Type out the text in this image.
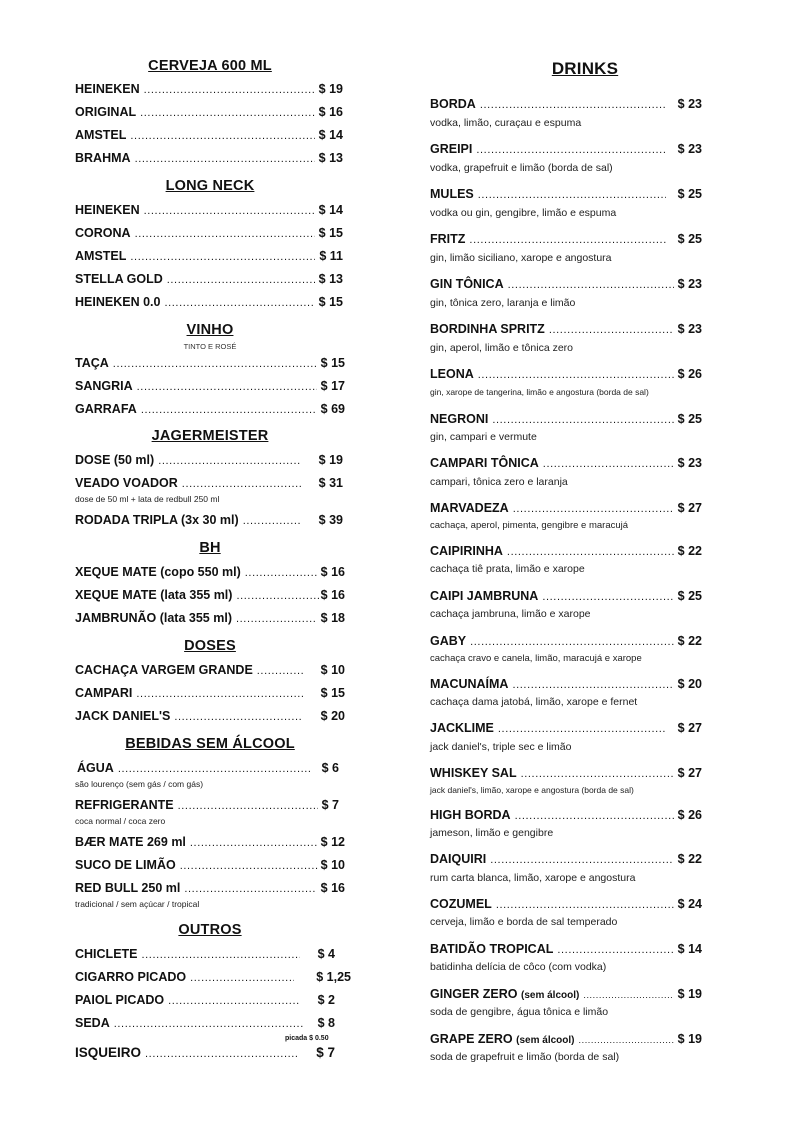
CERVEJA 600 ML
HEINEKEN .....	$ 19
ORIGINAL .....	$ 16
AMSTEL .....	$ 14
BRAHMA .....	$ 13
LONG NECK
HEINEKEN .....	$ 14
CORONA .....	$ 15
AMSTEL .....	$ 11
STELLA GOLD .....	$ 13
HEINEKEN 0.0 .....	$ 15
VINHO
TINTO E ROSÉ
TAÇA .....	$ 15
SANGRIA .....	$ 17
GARRAFA .....	$ 69
JAGERMEISTER
DOSE (50 ml) .....	$ 19
VEADO VOADOR .....	$ 31
dose de 50 ml + lata de redbull 250 ml
RODADA TRIPLA (3x 30 ml) .....	$ 39
BH
XEQUE MATE (copo 550 ml) .....	$ 16
XEQUE MATE (lata 355 ml) .....	$ 16
JAMBRUNÃO (lata 355 ml) .....	$ 18
DOSES
CACHAÇA VARGEM GRANDE .....	$ 10
CAMPARI .....	$ 15
JACK DANIEL'S .....	$ 20
BEBIDAS SEM ÁLCOOL
ÁGUA .....	$ 6
são lourenço (sem gás / com gás)
REFRIGERANTE .....	$ 7
coca normal / coca zero
BÆR MATE 269 ml .....	$ 12
SUCO DE LIMÃO .....	$ 10
RED BULL 250 ml .....	$ 16
tradicional / sem açúcar / tropical
OUTROS
CHICLETE .....	$ 4
CIGARRO PICADO .....	$ 1,25
PAIOL PICADO .....	$ 2
SEDA .....	$ 8
picada $ 0.50
ISQUEIRO .....	$ 7
DRINKS
BORDA .....	$ 23
vodka, limão, curaçau e espuma
GREIPI .....	$ 23
vodka, grapefruit e limão (borda de sal)
MULES .....	$ 25
vodka ou gin, gengibre, limão e espuma
FRITZ .....	$ 25
gin, limão siciliano, xarope e angostura
GIN TÔNICA .....	$ 23
gin, tônica zero, laranja e limão
BORDINHA SPRITZ .....	$ 23
gin, aperol, limão e tônica zero
LEONA .....	$ 26
gin, xarope de tangerina, limão e angostura (borda de sal)
NEGRONI .....	$ 25
gin, campari e vermute
CAMPARI TÔNICA .....	$ 23
campari, tônica zero e laranja
MARVADEZA .....	$ 27
cachaça, aperol, pimenta, gengibre e maracujá
CAIPIRINHA .....	$ 22
cachaça tiê prata, limão e xarope
CAIPI JAMBRUNA .....	$ 25
cachaça jambruna, limão e xarope
GABY .....	$ 22
cachaça cravo e canela, limão, maracujá e xarope
MACUNAÍMA .....	$ 20
cachaça dama jatobá, limão, xarope e fernet
JACKLIME .....	$ 27
jack daniel's, triple sec e limão
WHISKEY SAL .....	$ 27
jack daniel's, limão, xarope e angostura (borda de sal)
HIGH BORDA .....	$ 26
jameson, limão e gengibre
DAIQUIRI .....	$ 22
rum carta blanca, limão, xarope e angostura
COZUMEL .....	$ 24
cerveja, limão e borda de sal temperado
BATIDÃO TROPICAL .....	$ 14
batidinha delícia de côco (com vodka)
GINGER ZERO (sem álcool) .....	$ 19
soda de gengibre, água tônica e limão
GRAPE ZERO (sem álcool) .....	$ 19
soda de grapefruit e limão (borda de sal)
